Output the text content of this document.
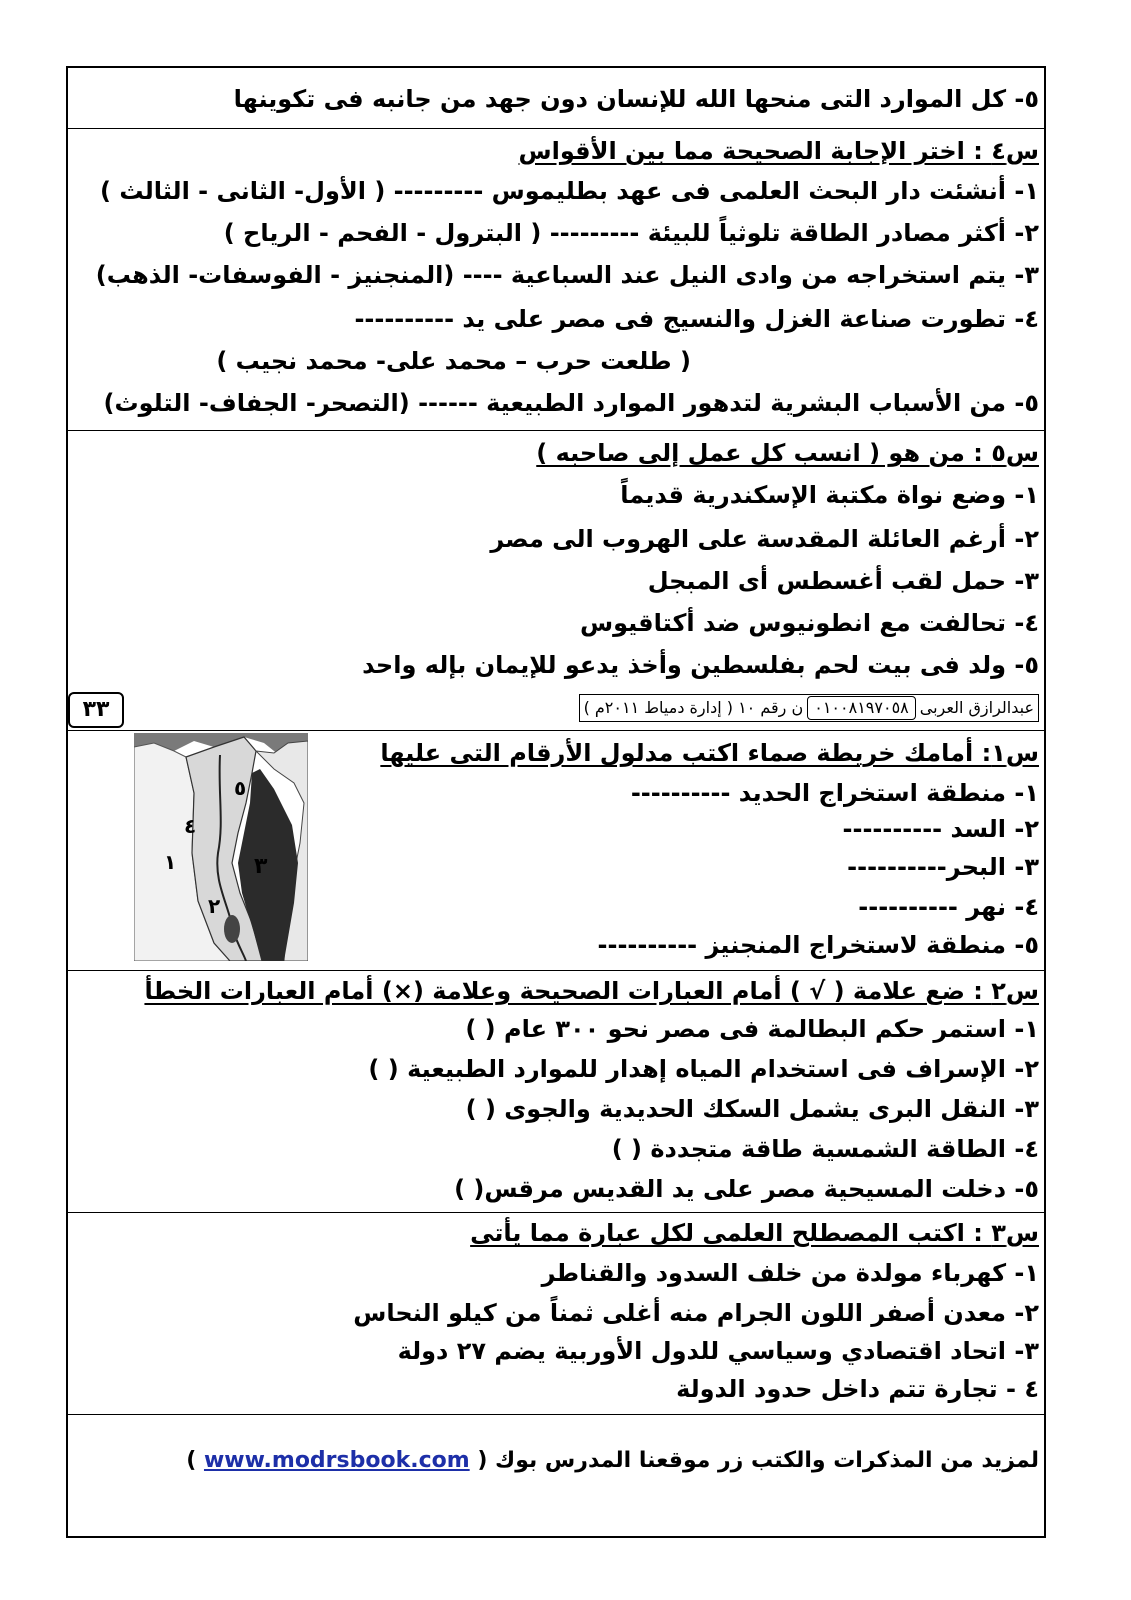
٥- كل الموارد التى منحها الله للإنسان دون جهد من جانبه فى تكوينها
س٤ : اختر الإجابة الصحيحة مما بين الأقواس
١- أنشئت دار البحث العلمى فى عهد بطليموس --------- ( الأول- الثانى - الثالث )
٢- أكثر مصادر الطاقة تلوثياً للبيئة --------- ( البترول - الفحم - الرياح )
٣- يتم استخراجه من وادى النيل عند السباعية ---- (المنجنيز - الفوسفات- الذهب)
٤- تطورت صناعة الغزل والنسيج فى مصر على يد ----------
( طلعت حرب – محمد على- محمد نجيب )
٥- من الأسباب البشرية لتدهور الموارد الطبيعية ------ (التصحر- الجفاف- التلوث)
س٥ : من هو ( انسب كل عمل إلى صاحبه )
١- وضع نواة مكتبة الإسكندرية قديماً
٢- أرغم العائلة المقدسة على الهروب الى مصر
٣- حمل لقب أغسطس أى المبجل
٤- تحالفت مع انطونيوس ضد أكتاقيوس
٥- ولد فى بيت لحم بفلسطين وأخذ يدعو للإيمان بإله واحد
٣٣	عبدالرازق العربى٠١٠٠٨١٩٧٠٥٨ن رقم ١٠ ( إدارة دمياط ٢٠١١م )
س١: أمامك خريطة صماء اكتب مدلول الأرقام التى عليها
١- منطقة استخراج الحديد ----------
٢- السد ----------
٣- البحر----------
٤- نهر ----------
٥- منطقة لاستخراج المنجنيز ----------
٥
٤
١	٣
٢
س٢ : ضع علامة ( √ ) أمام العبارات الصحيحة وعلامة (×) أمام العبارات الخطأ
١- استمر حكم البطالمة فى مصر نحو ٣٠٠ عام ( )
٢- الإسراف فى استخدام المياه إهدار للموارد الطبيعية ( )
٣- النقل البرى يشمل السكك الحديدية والجوى ( )
٤- الطاقة الشمسية طاقة متجددة ( )
٥- دخلت المسيحية مصر على يد القديس مرقس( )
س٣ : اكتب المصطلح العلمى لكل عبارة مما يأتى
١- كهرباء مولدة من خلف السدود والقناطر
٢- معدن أصفر اللون الجرام منه أغلى ثمناً من كيلو النحاس
٣- اتحاد اقتصادي وسياسي للدول الأوربية يضم ٢٧ دولة
٤ - تجارة تتم داخل حدود الدولة
لمزيد من المذكرات والكتب زر موقعنا المدرس بوك ( www.modrsbook.com )
